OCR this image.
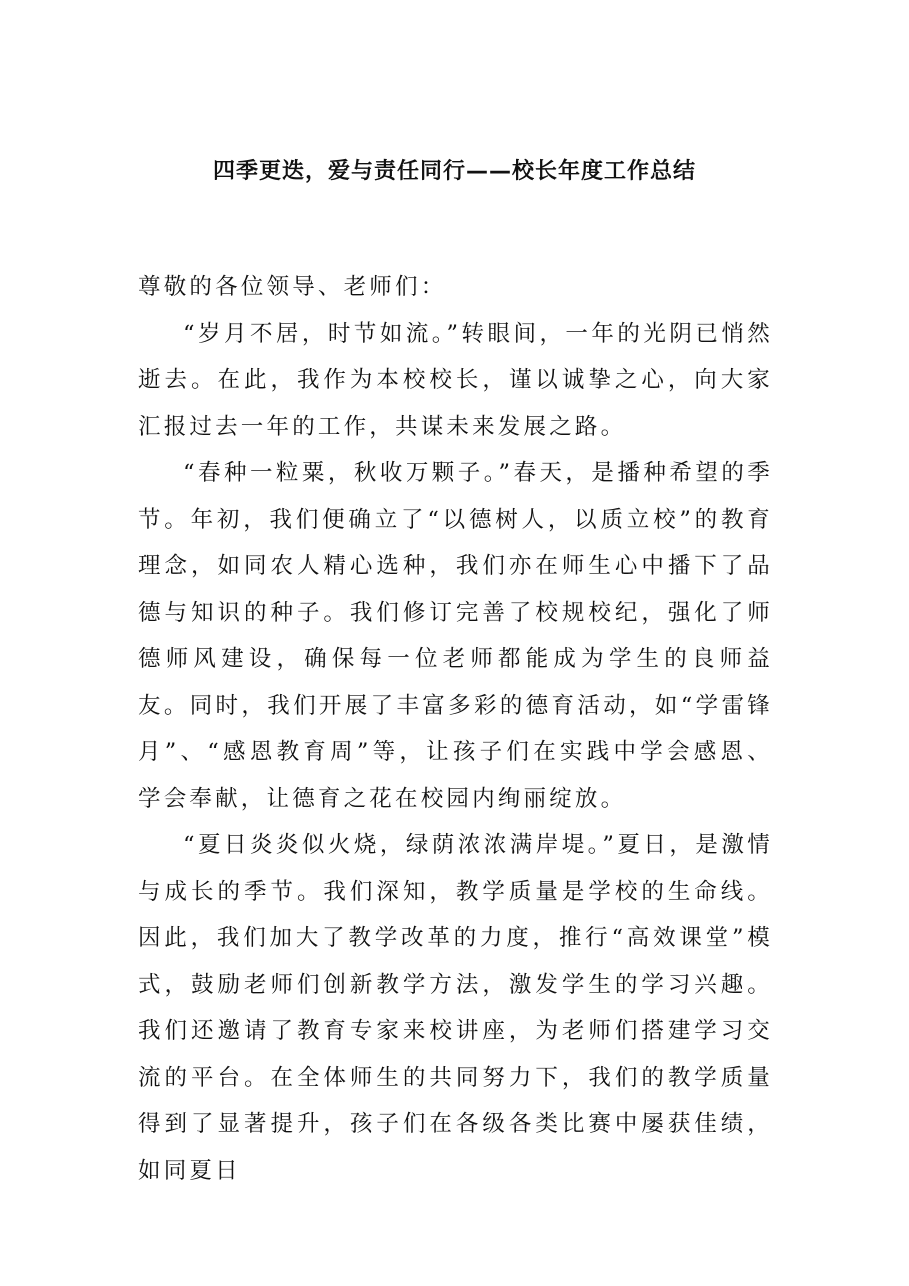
四季更迭，爱与责任同行——校长年度工作总结

尊敬的各位领导、老师们：

“岁月不居，时节如流。”转眼间，一年的光阴已悄然逝去。在此，我作为本校校长，谨以诚挚之心，向大家汇报过去一年的工作，共谋未来发展之路。

“春种一粒粟，秋收万颗子。”春天，是播种希望的季节。年初，我们便确立了“以德树人，以质立校”的教育理念，如同农人精心选种，我们亦在师生心中播下了品德与知识的种子。我们修订完善了校规校纪，强化了师德师风建设，确保每一位老师都能成为学生的良师益友。同时，我们开展了丰富多彩的德育活动，如“学雷锋月”、“感恩教育周”等，让孩子们在实践中学会感恩、学会奉献，让德育之花在校园内绚丽绽放。

“夏日炎炎似火烧，绿荫浓浓满岸堤。”夏日，是激情与成长的季节。我们深知，教学质量是学校的生命线。因此，我们加大了教学改革的力度，推行“高效课堂”模式，鼓励老师们创新教学方法，激发学生的学习兴趣。我们还邀请了教育专家来校讲座，为老师们搭建学习交流的平台。在全体师生的共同努力下，我们的教学质量得到了显著提升，孩子们在各级各类比赛中屡获佳绩，如同夏日
